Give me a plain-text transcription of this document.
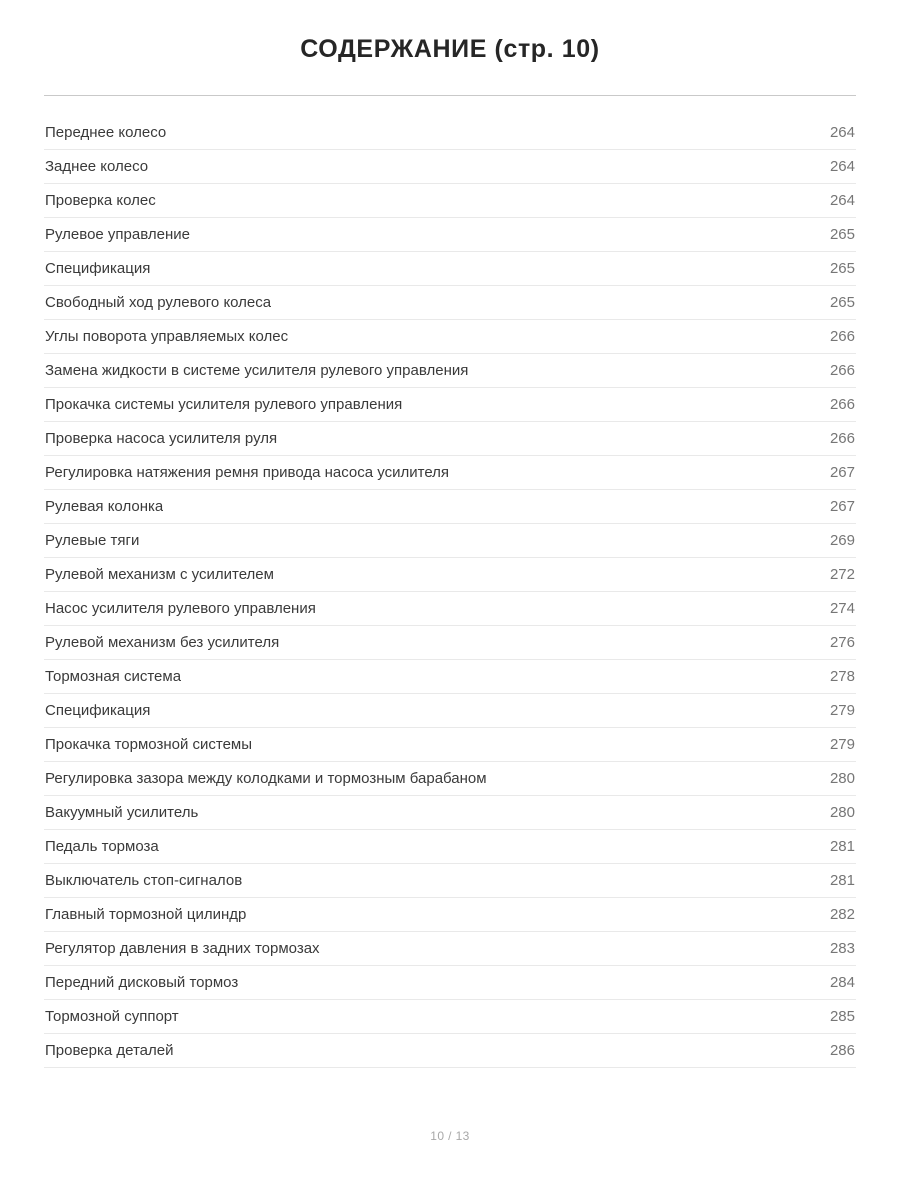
СОДЕРЖАНИЕ (стр. 10)
Переднее колесо	264
Заднее колесо	264
Проверка колес	264
Рулевое управление	265
Спецификация	265
Свободный ход рулевого колеса	265
Углы поворота управляемых колес	266
Замена жидкости в системе усилителя рулевого управления	266
Прокачка системы усилителя рулевого управления	266
Проверка насоса усилителя руля	266
Регулировка натяжения ремня привода насоса усилителя	267
Рулевая колонка	267
Рулевые тяги	269
Рулевой механизм с усилителем	272
Насос усилителя рулевого управления	274
Рулевой механизм без усилителя	276
Тормозная система	278
Спецификация	279
Прокачка тормозной системы	279
Регулировка зазора между колодками и тормозным барабаном	280
Вакуумный усилитель	280
Педаль тормоза	281
Выключатель стоп-сигналов	281
Главный тормозной цилиндр	282
Регулятор давления в задних тормозах	283
Передний дисковый тормоз	284
Тормозной суппорт	285
Проверка деталей	286
10 / 13
